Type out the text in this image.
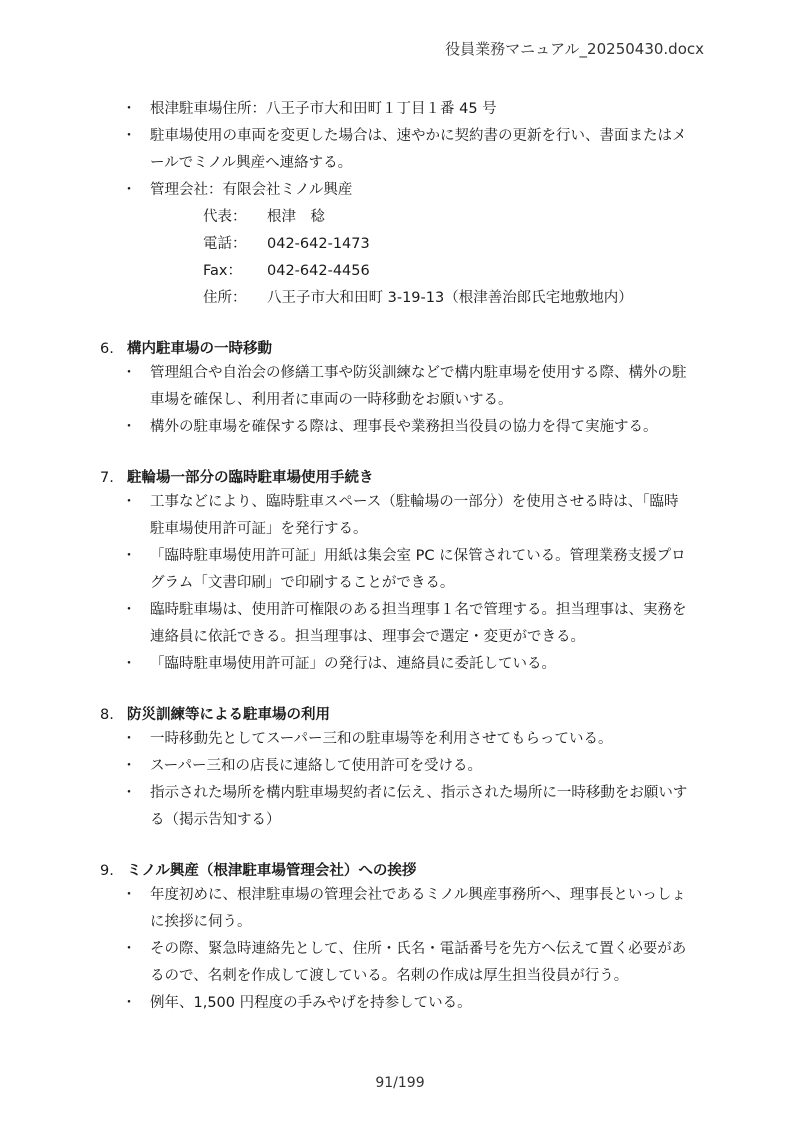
役員業務マニュアル_20250430.docx
・ 根津駐車場住所：八王子市大和田町１丁目１番 45 号
・ 駐車場使用の車両を変更した場合は、速やかに契約書の更新を行い、書面またはメ
ールでミノル興産へ連絡する。
・ 管理会社：有限会社ミノル興産
代表： 根津　稔
電話： 042-642-1473
Fax： 042-642-4456
住所： 八王子市大和田町 3-19-13（根津善治郎氏宅地敷地内）
6. 構内駐車場の一時移動
・ 管理組合や自治会の修繕工事や防災訓練などで構内駐車場を使用する際、構外の駐
車場を確保し、利用者に車両の一時移動をお願いする。
・ 構外の駐車場を確保する際は、理事長や業務担当役員の協力を得て実施する。
7. 駐輪場一部分の臨時駐車場使用手続き
・ 工事などにより、臨時駐車スペース（駐輪場の一部分）を使用させる時は、「臨時
駐車場使用許可証」を発行する。
・ 「臨時駐車場使用許可証」用紙は集会室 PC に保管されている。管理業務支援プロ
グラム「文書印刷」で印刷することができる。
・ 臨時駐車場は、使用許可権限のある担当理事１名で管理する。担当理事は、実務を
連絡員に依託できる。担当理事は、理事会で選定・変更ができる。
・ 「臨時駐車場使用許可証」の発行は、連絡員に委託している。
8. 防災訓練等による駐車場の利用
・ 一時移動先としてスーパー三和の駐車場等を利用させてもらっている。
・ スーパー三和の店長に連絡して使用許可を受ける。
・ 指示された場所を構内駐車場契約者に伝え、指示された場所に一時移動をお願いす
る（掲示告知する）
9. ミノル興産（根津駐車場管理会社）への挨拶
・ 年度初めに、根津駐車場の管理会社であるミノル興産事務所へ、理事長といっしょ
に挨拶に伺う。
・ その際、緊急時連絡先として、住所・氏名・電話番号を先方へ伝えて置く必要があ
るので、名刺を作成して渡している。名刺の作成は厚生担当役員が行う。
・ 例年、1,500 円程度の手みやげを持参している。
91/199
